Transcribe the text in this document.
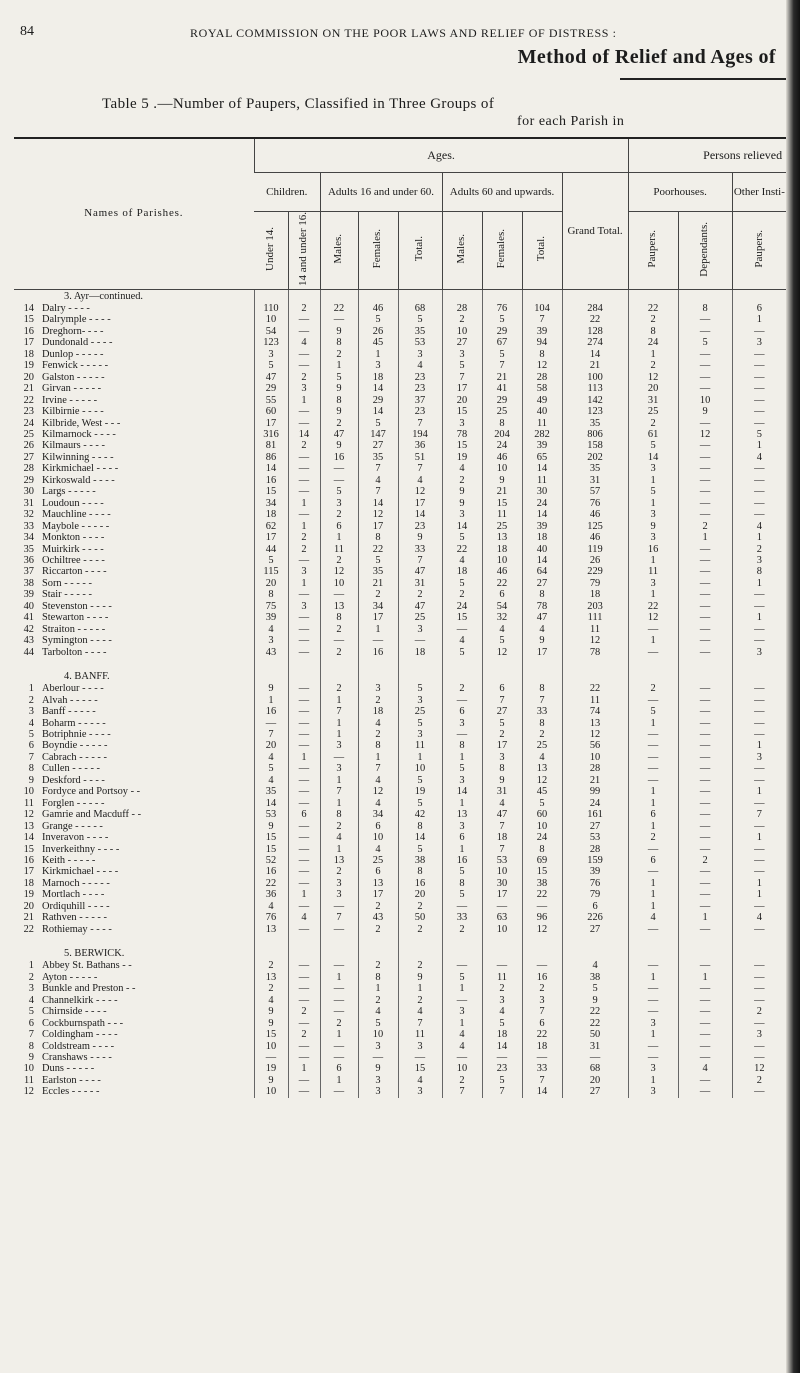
84	ROYAL COMMISSION ON THE POOR LAWS AND RELIEF OF DISTRESS :
Method of Relief and Ages of
Table 5 .—Number of Paupers, Classified in Three Groups of
for each Parish in
Names of Parishes.		Ages.									Persons relieved		
		Children.		Adults 16 and under 60.			Adults 60 and upwards.			Grand Total.	Poorhouses.		Other Insti-
		Under 14.	14 and under 16.	Males.	Females.	Total.	Males.	Females.	Total.		Paupers.	Dependants.	Paupers.
	3. Ayr—continued.												
14	Dalry - - - -	110	2	22	46	68	28	76	104	284	22	8	6
15	Dalrymple - - - -	10	—	—	5	5	2	5	7	22	2	—	1
16	Dreghorn- - - -	54	—	9	26	35	10	29	39	128	8	—	—
17	Dundonald - - - -	123	4	8	45	53	27	67	94	274	24	5	3
18	Dunlop - - - - -	3	—	2	1	3	3	5	8	14	1	—	—
19	Fenwick - - - - -	5	—	1	3	4	5	7	12	21	2	—	—
20	Galston - - - - -	47	2	5	18	23	7	21	28	100	12	—	—
21	Girvan - - - - -	29	3	9	14	23	17	41	58	113	20	—	—
22	Irvine - - - - -	55	1	8	29	37	20	29	49	142	31	10	—
23	Kilbirnie - - - -	60	—	9	14	23	15	25	40	123	25	9	—
24	Kilbride, West - - -	17	—	2	5	7	3	8	11	35	2	—	—
25	Kilmarnock - - - -	316	14	47	147	194	78	204	282	806	61	12	5
26	Kilmaurs - - - -	81	2	9	27	36	15	24	39	158	5	—	1
27	Kilwinning - - - -	86	—	16	35	51	19	46	65	202	14	—	4
28	Kirkmichael - - - -	14	—	—	7	7	4	10	14	35	3	—	—
29	Kirkoswald - - - -	16	—	—	4	4	2	9	11	31	1	—	—
30	Largs - - - - -	15	—	5	7	12	9	21	30	57	5	—	—
31	Loudoun - - - -	34	1	3	14	17	9	15	24	76	1	—	—
32	Mauchline - - - -	18	—	2	12	14	3	11	14	46	3	—	—
33	Maybole - - - - -	62	1	6	17	23	14	25	39	125	9	2	4
34	Monkton - - - -	17	2	1	8	9	5	13	18	46	3	1	1
35	Muirkirk - - - -	44	2	11	22	33	22	18	40	119	16	—	2
36	Ochiltree - - - -	5	—	2	5	7	4	10	14	26	1	—	3
37	Riccarton - - - -	115	3	12	35	47	18	46	64	229	11	—	8
38	Sorn - - - - -	20	1	10	21	31	5	22	27	79	3	—	1
39	Stair - - - - -	8	—	—	2	2	2	6	8	18	1	—	—
40	Stevenston - - - -	75	3	13	34	47	24	54	78	203	22	—	—
41	Stewarton - - - -	39	—	8	17	25	15	32	47	111	12	—	1
42	Straiton - - - - -	4	—	2	1	3	—	4	4	11	—	—	—
43	Symington - - - -	3	—	—	—	—	4	5	9	12	1	—	—
44	Tarbolton - - - -	43	—	2	16	18	5	12	17	78	—	—	3

	4. BANFF.												
1	Aberlour - - - -	9	—	2	3	5	2	6	8	22	2	—	—
2	Alvah - - - - -	1	—	1	2	3	—	7	7	11	—	—	—
3	Banff - - - - -	16	—	7	18	25	6	27	33	74	5	—	—
4	Boharm - - - - -	—	—	1	4	5	3	5	8	13	1	—	—
5	Botriphnie - - - -	7	—	1	2	3	—	2	2	12	—	—	—
6	Boyndie - - - - -	20	—	3	8	11	8	17	25	56	—	—	1
7	Cabrach - - - - -	4	1	—	1	1	1	3	4	10	—	—	3
8	Cullen - - - - -	5	—	3	7	10	5	8	13	28	—	—	—
9	Deskford - - - -	4	—	1	4	5	3	9	12	21	—	—	—
10	Fordyce and Portsoy - -	35	—	7	12	19	14	31	45	99	1	—	1
11	Forglen - - - - -	14	—	1	4	5	1	4	5	24	1	—	—
12	Gamrie and Macduff - -	53	6	8	34	42	13	47	60	161	6	—	7
13	Grange - - - - -	9	—	2	6	8	3	7	10	27	1	—	—
14	Inveravon - - - -	15	—	4	10	14	6	18	24	53	2	—	1
15	Inverkeithny - - - -	15	—	1	4	5	1	7	8	28	—	—	—
16	Keith - - - - -	52	—	13	25	38	16	53	69	159	6	2	—
17	Kirkmichael - - - -	16	—	2	6	8	5	10	15	39	—	—	—
18	Marnoch - - - - -	22	—	3	13	16	8	30	38	76	1	—	1
19	Mortlach - - - -	36	1	3	17	20	5	17	22	79	1	—	1
20	Ordiquhill - - - -	4	—	—	2	2	—	—	—	6	1	—	—
21	Rathven - - - - -	76	4	7	43	50	33	63	96	226	4	1	4
22	Rothiemay - - - -	13	—	—	2	2	2	10	12	27	—	—	—

	5. BERWICK.												
1	Abbey St. Bathans - -	2	—	—	2	2	—	—	—	4	—	—	—
2	Ayton - - - - -	13	—	1	8	9	5	11	16	38	1	1	—
3	Bunkle and Preston - -	2	—	—	1	1	1	2	2	5	—	—	—
4	Channelkirk - - - -	4	—	—	2	2	—	3	3	9	—	—	—
5	Chirnside - - - -	9	2	—	4	4	3	4	7	22	—	—	2
6	Cockburnspath - - -	9	—	2	5	7	1	5	6	22	3	—	—
7	Coldingham - - - -	15	2	1	10	11	4	18	22	50	1	—	3
8	Coldstream - - - -	10	—	—	3	3	4	14	18	31	—	—	—
9	Cranshaws - - - -	—	—	—	—	—	—	—	—	—	—	—	—
10	Duns - - - - -	19	1	6	9	15	10	23	33	68	3	4	12
11	Earlston - - - -	9	—	1	3	4	2	5	7	20	1	—	2
12	Eccles - - - - -	10	—	—	3	3	7	7	14	27	3	—	—
